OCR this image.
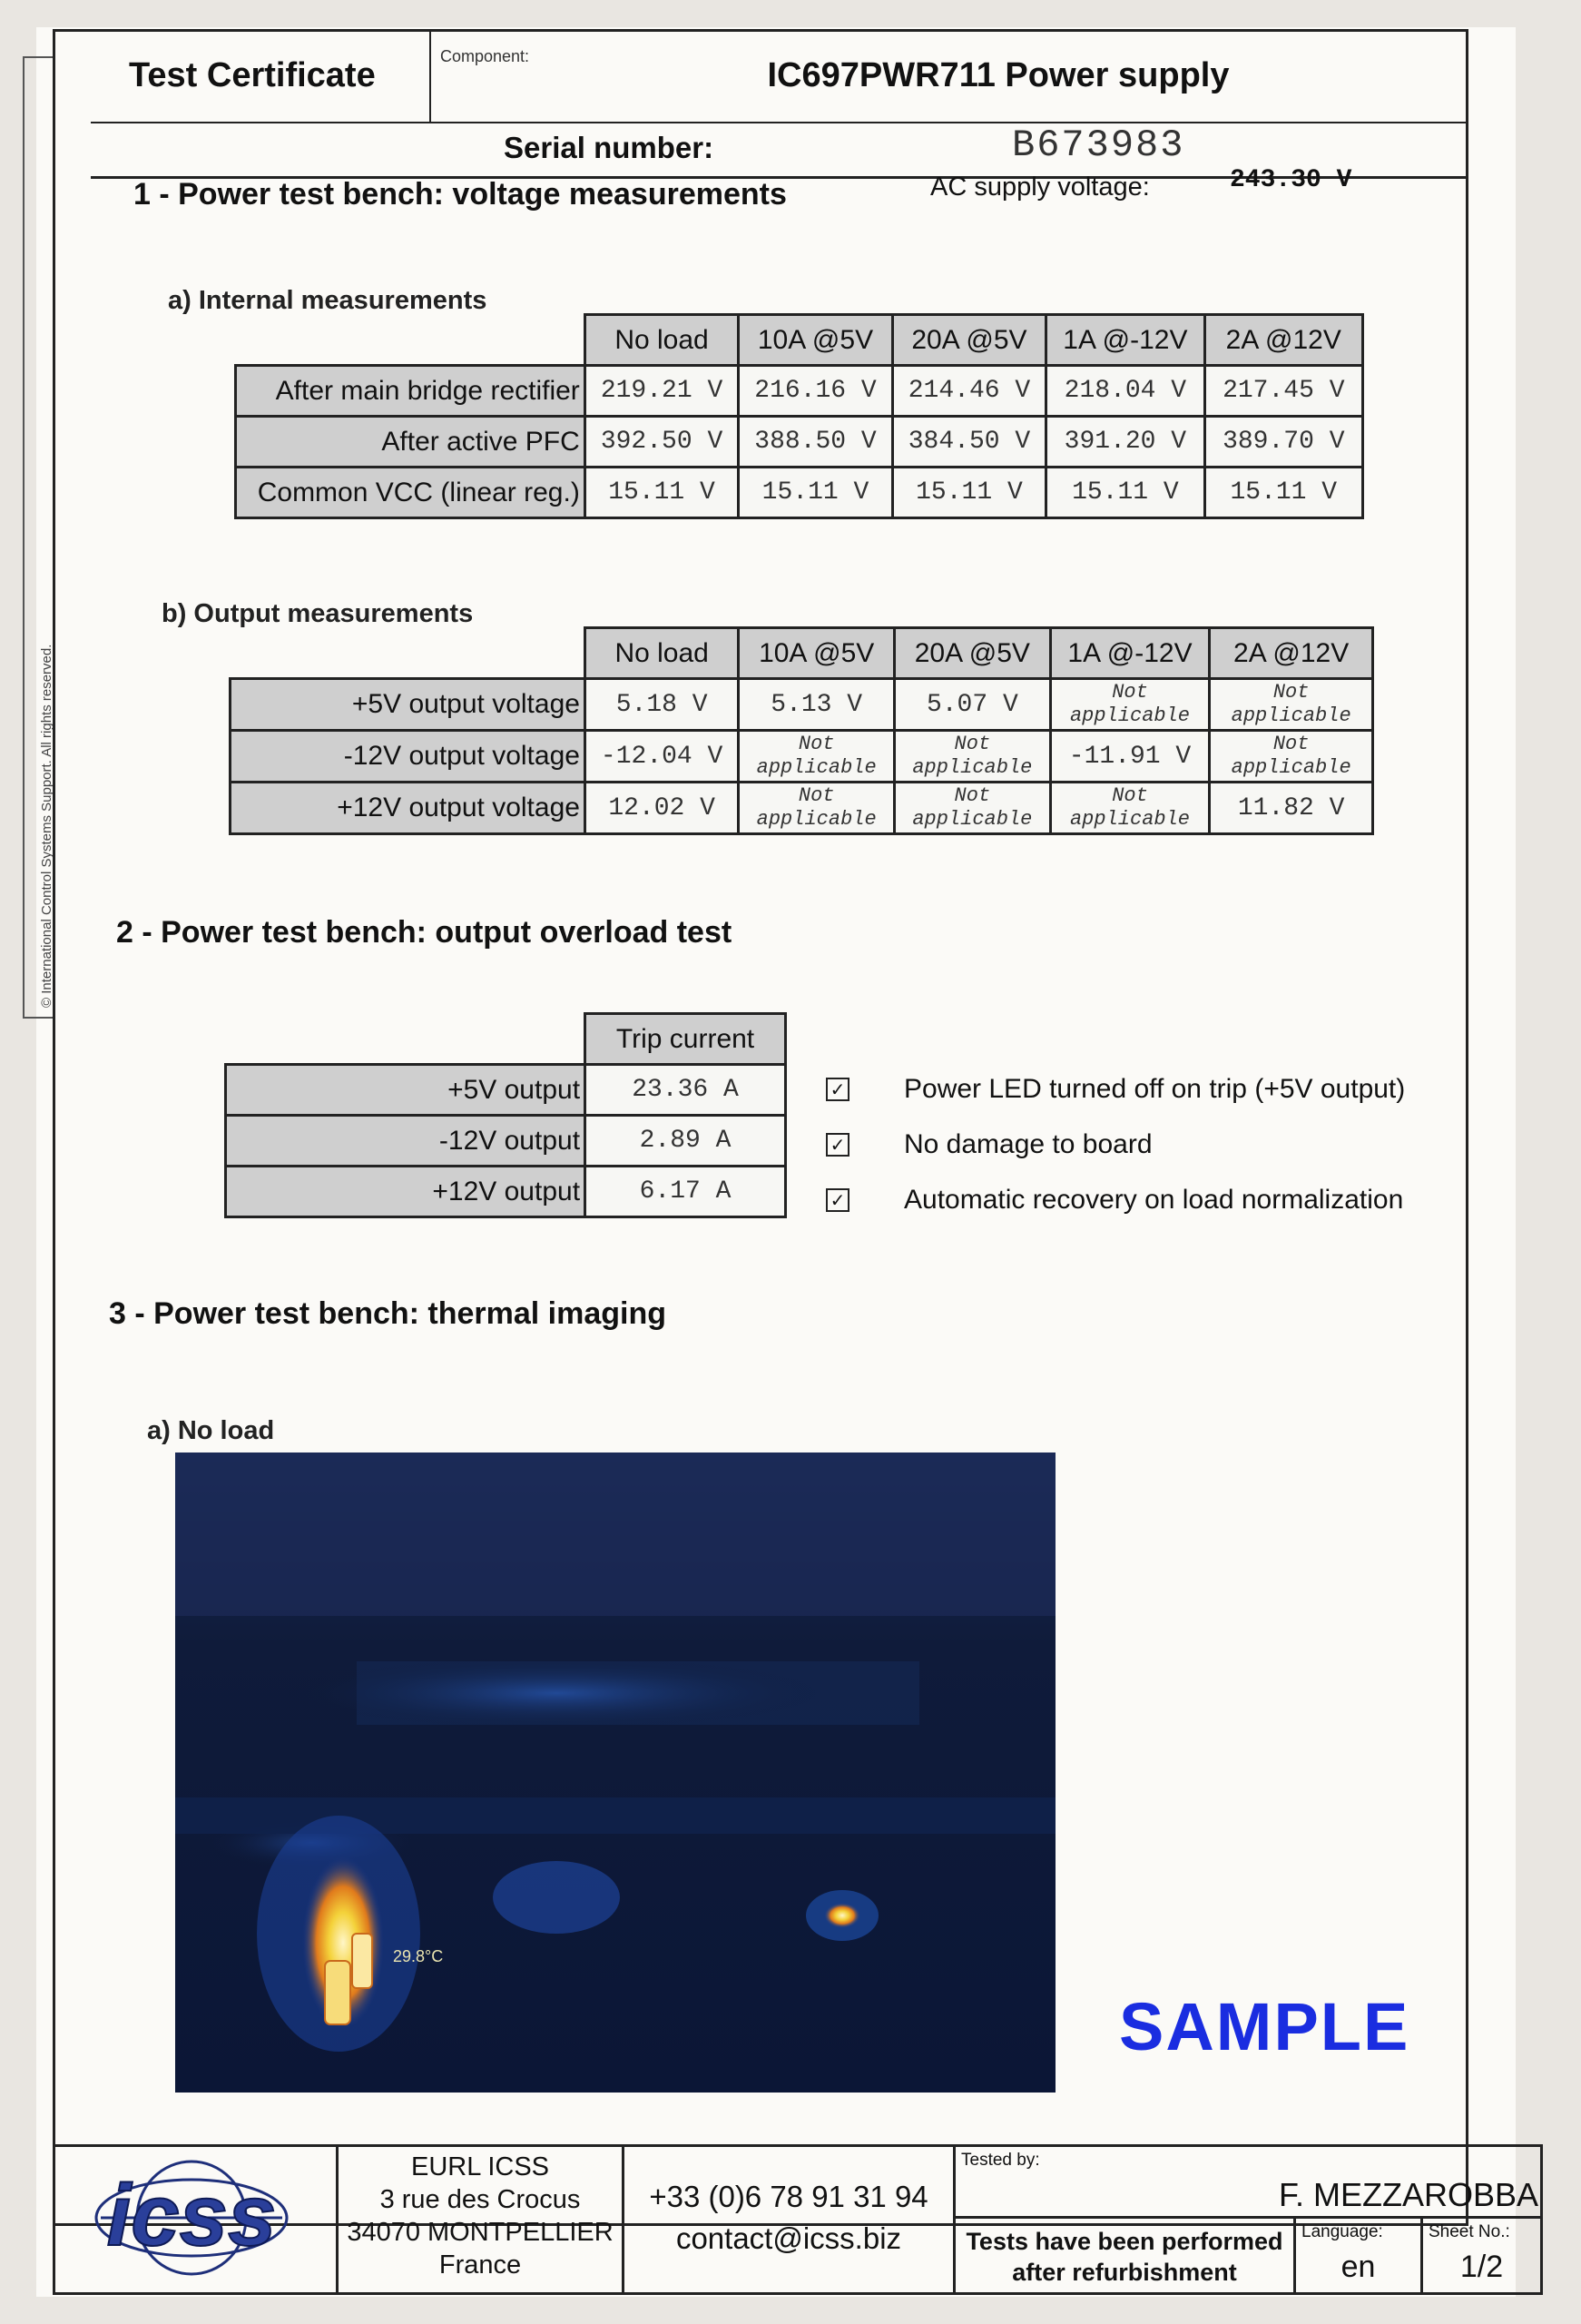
© International Control Systems Support. All rights reserved.
Test Certificate	Component:	IC697PWR711 Power supply
Serial number:	B673983
1 - Power test bench: voltage measurements	AC supply voltage:	243.30 V
a) Internal measurements
	No load	10A @5V	20A @5V	1A @-12V	2A @12V
After main bridge rectifier	219.21 V	216.16 V	214.46 V	218.04 V	217.45 V
After active PFC	392.50 V	388.50 V	384.50 V	391.20 V	389.70 V
Common VCC (linear reg.)	15.11 V	15.11 V	15.11 V	15.11 V	15.11 V
b) Output measurements
	No load	10A @5V	20A @5V	1A @-12V	2A @12V
+5V output voltage	5.18 V	5.13 V	5.07 V	Not applicable	Not applicable
-12V output voltage	-12.04 V	Not applicable	Not applicable	-11.91 V	Not applicable
+12V output voltage	12.02 V	Not applicable	Not applicable	Not applicable	11.82 V
2 - Power test bench: output overload test
	Trip current
+5V output	23.36 A
-12V output	2.89 A
+12V output	6.17 A
✓ Power LED turned off on trip (+5V output)
✓ No damage to board
✓ Automatic recovery on load normalization
3 - Power test bench: thermal imaging
a) No load
29.8°C
SAMPLE
icss	EURL ICSS
3 rue des Crocus
34070 MONTPELLIER
France
+33 (0)6 78 91 31 94
contact@icss.biz
Tested by:
F. MEZZAROBBA
Tests have been performed
after refurbishment
Language:
en
Sheet No.:
1/2
